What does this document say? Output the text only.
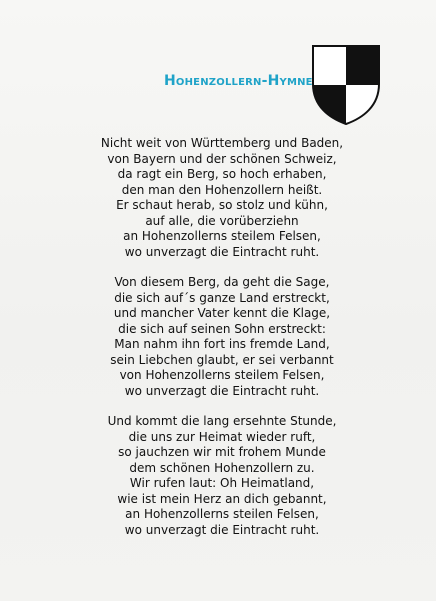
Hohenzollern-Hymne
Nicht weit von Württemberg und Baden,
von Bayern und der schönen Schweiz,
da ragt ein Berg, so hoch erhaben,
den man den Hohenzollern heißt.
Er schaut herab, so stolz und kühn,
auf alle, die vorüberziehn
an Hohenzollerns steilem Felsen,
wo unverzagt die Eintracht ruht.
Von diesem Berg, da geht die Sage,
die sich auf´s ganze Land erstreckt,
und mancher Vater kennt die Klage,
die sich auf seinen Sohn erstreckt:
Man nahm ihn fort ins fremde Land,
sein Liebchen glaubt, er sei verbannt
von Hohenzollerns steilem Felsen,
wo unverzagt die Eintracht ruht.
Und kommt die lang ersehnte Stunde,
die uns zur Heimat wieder ruft,
so jauchzen wir mit frohem Munde
dem schönen Hohenzollern zu.
Wir rufen laut: Oh Heimatland,
wie ist mein Herz an dich gebannt,
an Hohenzollerns steilen Felsen,
wo unverzagt die Eintracht ruht.
